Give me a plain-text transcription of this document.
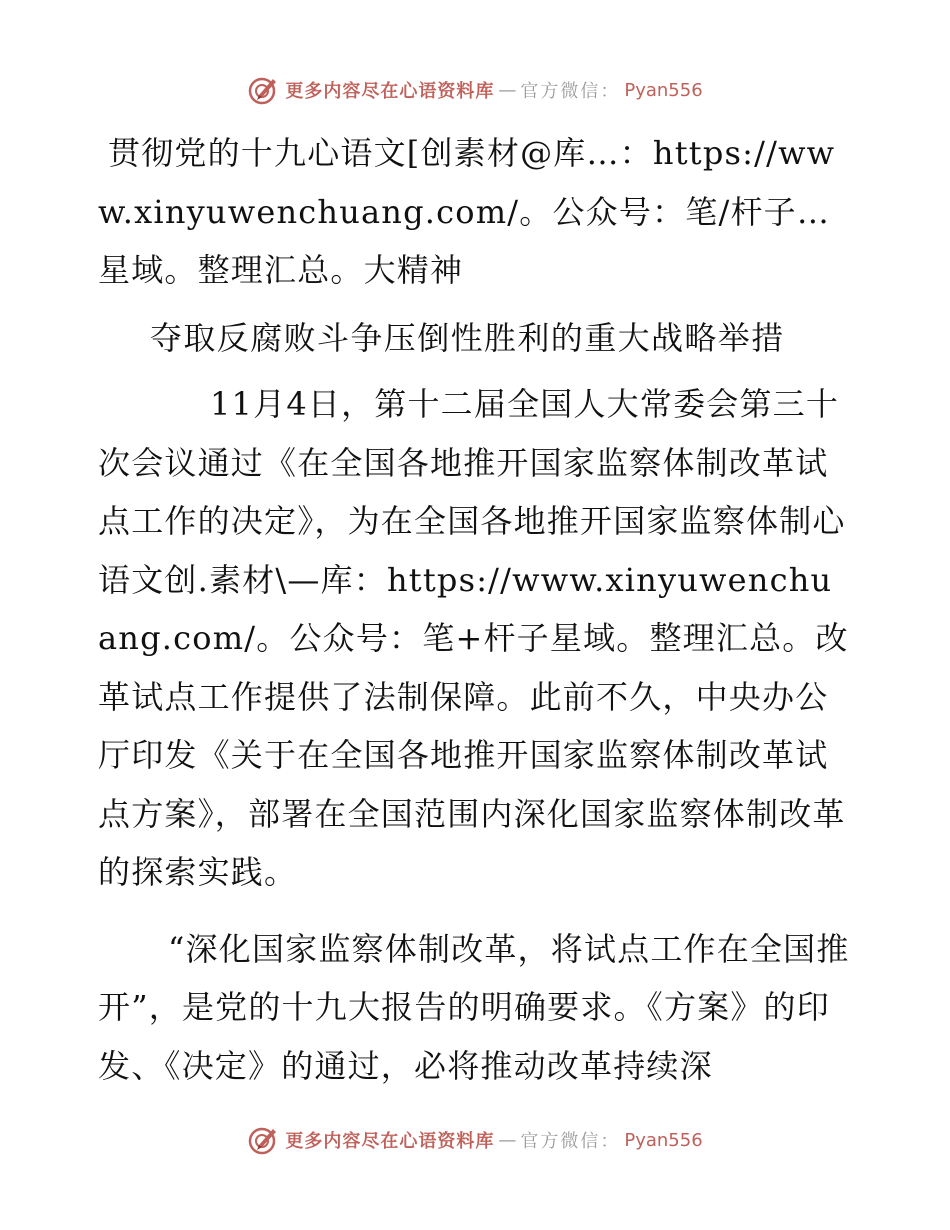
更多内容尽在心语资料库 — 官方微信： Pyan556

贯彻党的十九心语文[创素材@库…：https://www.xinyuwenchuang.com/。公众号：笔/杆子…星域。整理汇总。大精神

夺取反腐败斗争压倒性胜利的重大战略举措

11月4日，第十二届全国人大常委会第三十次会议通过《在全国各地推开国家监察体制改革试点工作的决定》，为在全国各地推开国家监察体制心语文创.素材\—库：https://www.xinyuwenchuang.com/。公众号：笔+杆子星域。整理汇总。改革试点工作提供了法制保障。此前不久，中央办公厅印发《关于在全国各地推开国家监察体制改革试点方案》，部署在全国范围内深化国家监察体制改革的探索实践。

“深化国家监察体制改革，将试点工作在全国推开”，是党的十九大报告的明确要求。《方案》的印发、《决定》的通过，必将推动改革持续深

更多内容尽在心语资料库 — 官方微信： Pyan556
